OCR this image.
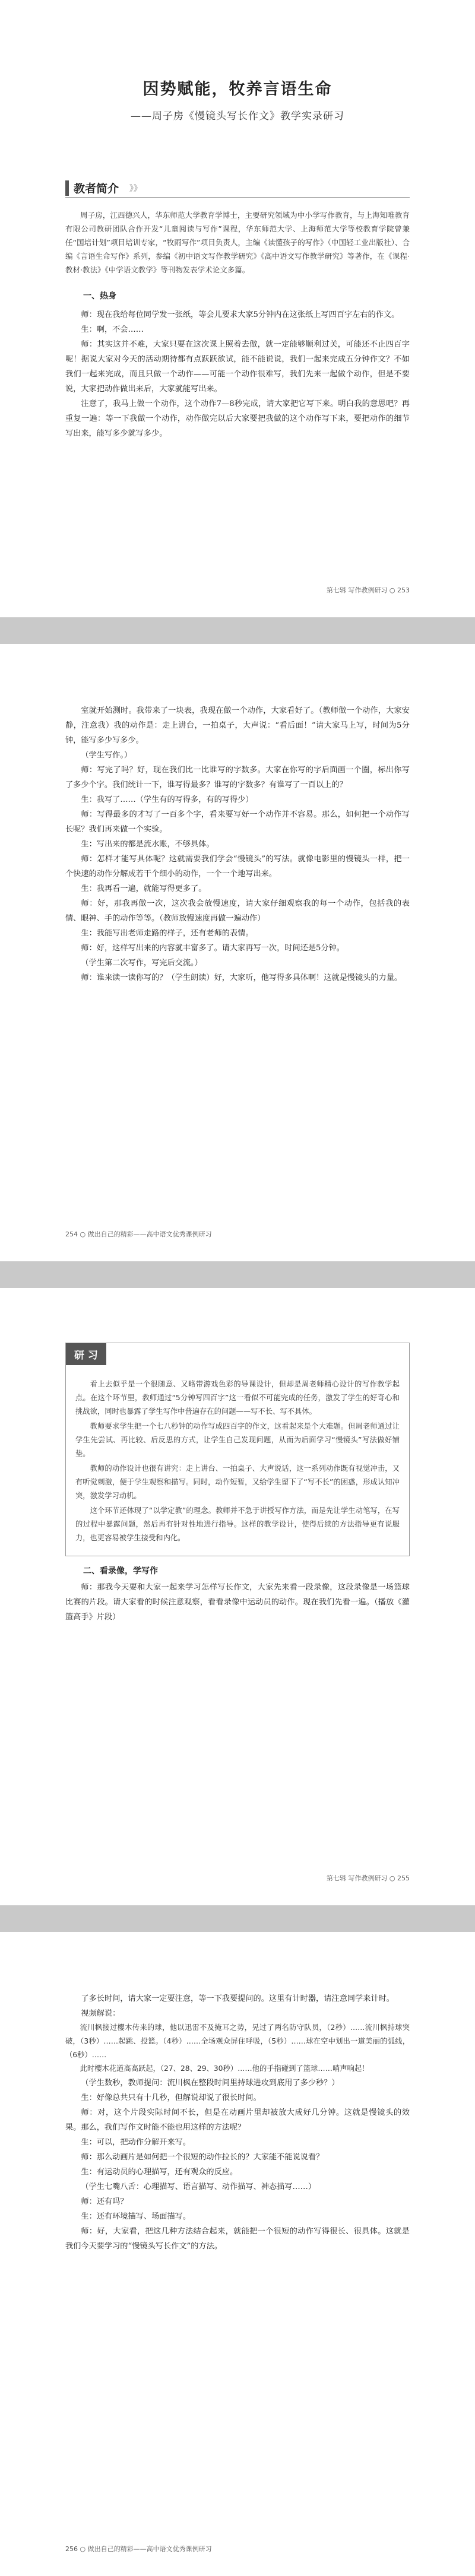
因势赋能，牧养言语生命
——周子房《慢镜头写长作文》教学实录研习
教者简介 》》

周子房，江西德兴人，华东师范大学教育学博士，主要研究领域为中小学写作教育，与上海知唯教育有限公司教研团队合作开发“儿童阅读与写作”课程，华东师范大学、上海师范大学等校教育学院曾兼任“国培计划”项目培训专家，“牧雨写作”项目负责人，主编《读懂孩子的写作》（中国轻工业出版社）、合编《言语生命写作》系列，参编《初中语文写作教学研究》《高中语文写作教学研究》等著作，在《课程·教材·教法》《中学语文教学》等刊物发表学术论文多篇。

一、热身

师：现在我给每位同学发一张纸，等会儿要求大家5分钟内在这张纸上写四百字左右的作文。

生：啊，不会……

师：其实这并不难，大家只要在这次课上照着去做，就一定能够顺利过关，可能还不止四百字呢！据说大家对今天的活动期待都有点跃跃欲试，能不能说说，我们一起来完成五分钟作文？不如我们一起来完成，而且只做一个动作——可能一个动作很难写，我们先来一起做个动作，但是不要说，大家把动作做出来后，大家就能写出来。

注意了，我马上做一个动作，这个动作7—8秒完成，请大家把它写下来。明白我的意思吧？再重复一遍：等一下我做一个动作，动作做完以后大家要把我做的这个动作写下来，要把动作的细节写出来，能写多少就写多少。

第七辑 写作教例研习 ○ 253

室就开始测时。我带来了一块表，我现在做一个动作，大家看好了。（教师做一个动作，大家安静，注意我）我的动作是：走上讲台，一拍桌子，大声说：“看后面！”请大家马上写，时间为5分钟，能写多少写多少。

（学生写作。）

师：写完了吗？好，现在我们比一比谁写的字数多。大家在你写的字后面画一个圈，标出你写了多少个字。我们统计一下，谁写得最多？谁写的字数多？有谁写了一百以上的？

生：我写了……（学生有的写得多，有的写得少）

师：写得最多的才写了一百多个字，看来要写好一个动作并不容易。那么，如何把一个动作写长呢？我们再来做一个实验。

生：写出来的都是流水账，不够具体。

师：怎样才能写具体呢？这就需要我们学会“慢镜头”的写法。就像电影里的慢镜头一样，把一个快速的动作分解成若干个细小的动作，一个一个地写出来。

生：我再看一遍，就能写得更多了。

师：好，那我再做一次，这次我会放慢速度，请大家仔细观察我的每一个动作，包括我的表情、眼神、手的动作等等。（教师放慢速度再做一遍动作）

生：我能写出老师走路的样子，还有老师的表情。

师：好，这样写出来的内容就丰富多了。请大家再写一次，时间还是5分钟。

（学生第二次写作，写完后交流。）

师：谁来读一读你写的？（学生朗读）好，大家听，他写得多具体啊！这就是慢镜头的力量。

254 ○ 做出自己的精彩——高中语文优秀课例研习
研 习

看上去似乎是一个很随意、又略带游戏色彩的导课设计，但却是周老师精心设计的写作教学起点。在这个环节里，教师通过“5分钟写四百字”这一看似不可能完成的任务，激发了学生的好奇心和挑战欲，同时也暴露了学生写作中普遍存在的问题——写不长、写不具体。

教师要求学生把一个七八秒钟的动作写成四百字的作文，这看起来是个大难题。但周老师通过让学生先尝试、再比较、后反思的方式，让学生自己发现问题，从而为后面学习“慢镜头”写法做好铺垫。

教师的动作设计也很有讲究：走上讲台、一拍桌子、大声说话，这一系列动作既有视觉冲击，又有听觉刺激，便于学生观察和描写。同时，动作短暂，又给学生留下了“写不长”的困惑，形成认知冲突，激发学习动机。

这个环节还体现了“以学定教”的理念。教师并不急于讲授写作方法，而是先让学生动笔写，在写的过程中暴露问题，然后再有针对性地进行指导。这样的教学设计，使得后续的方法指导更有说服力，也更容易被学生接受和内化。

二、看录像，学写作

师：那我今天要和大家一起来学习怎样写长作文，大家先来看一段录像，这段录像是一场篮球比赛的片段。请大家看的时候注意观察，看看录像中运动员的动作。现在我们先看一遍。（播放《灌篮高手》片段）

第七辑 写作教例研习 ○ 255

了多长时间，请大家一定要注意，等一下我要提问的。这里有计时器，请注意同学来计时。

视频解说：

流川枫接过樱木传来的球，他以迅雷不及掩耳之势，晃过了两名防守队员，（2秒）……流川枫持球突破，（3秒）……起跳、投篮。（4秒）……全场观众屏住呼吸，（5秒）……球在空中划出一道美丽的弧线，（6秒）……

此时樱木花道高高跃起，（27、28、29、30秒）……他的手指碰到了篮球……哨声响起！

（学生数秒，教师提问：流川枫在整段时间里持球进攻到底用了多少秒？）

生：好像总共只有十几秒，但解说却说了很长时间。

师：对，这个片段实际时间不长，但是在动画片里却被放大成好几分钟。这就是慢镜头的效果。那么，我们写作文时能不能也用这样的方法呢？

生：可以，把动作分解开来写。

师：那么动画片是如何把一个很短的动作拉长的？大家能不能说说看？

生：有运动员的心理描写，还有观众的反应。

（学生七嘴八舌：心理描写、语言描写、动作描写、神态描写……）

师：还有吗？

生：还有环境描写、场面描写。

师：好，大家看，把这几种方法结合起来，就能把一个很短的动作写得很长、很具体。这就是我们今天要学习的“慢镜头写长作文”的方法。

256 ○ 做出自己的精彩——高中语文优秀课例研习
